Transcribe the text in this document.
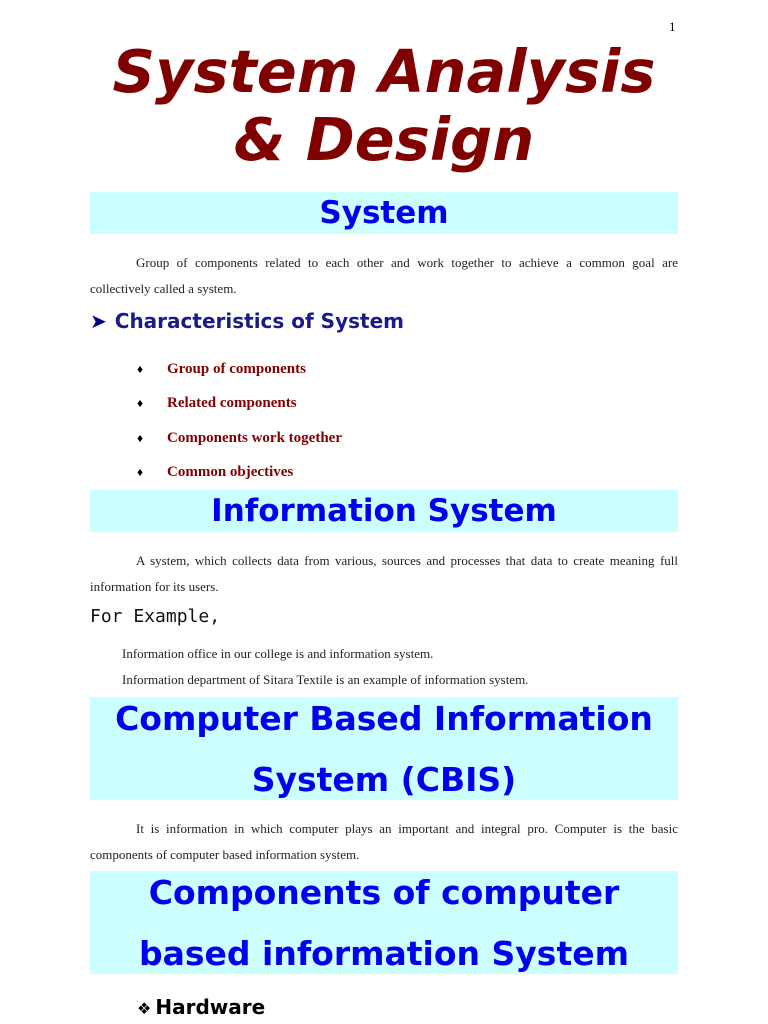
1
System Analysis
& Design
System

Group of components related to each other and work together to achieve a common goal are collectively called a system.

➤ Characteristics of System
♦	Group of components
♦	Related components
♦	Components work together
♦	Common objectives
Information System

A system, which collects data from various, sources and processes that data to create meaning full information for its users.

For Example,

Information office in our college is and information system.

Information department of Sitara Textile is an example of information system.

Computer Based Information
System (CBIS)

It is information in which computer plays an important and integral pro. Computer is the basic components of computer based information system.

Components of computer
based information System

❖ Hardware
